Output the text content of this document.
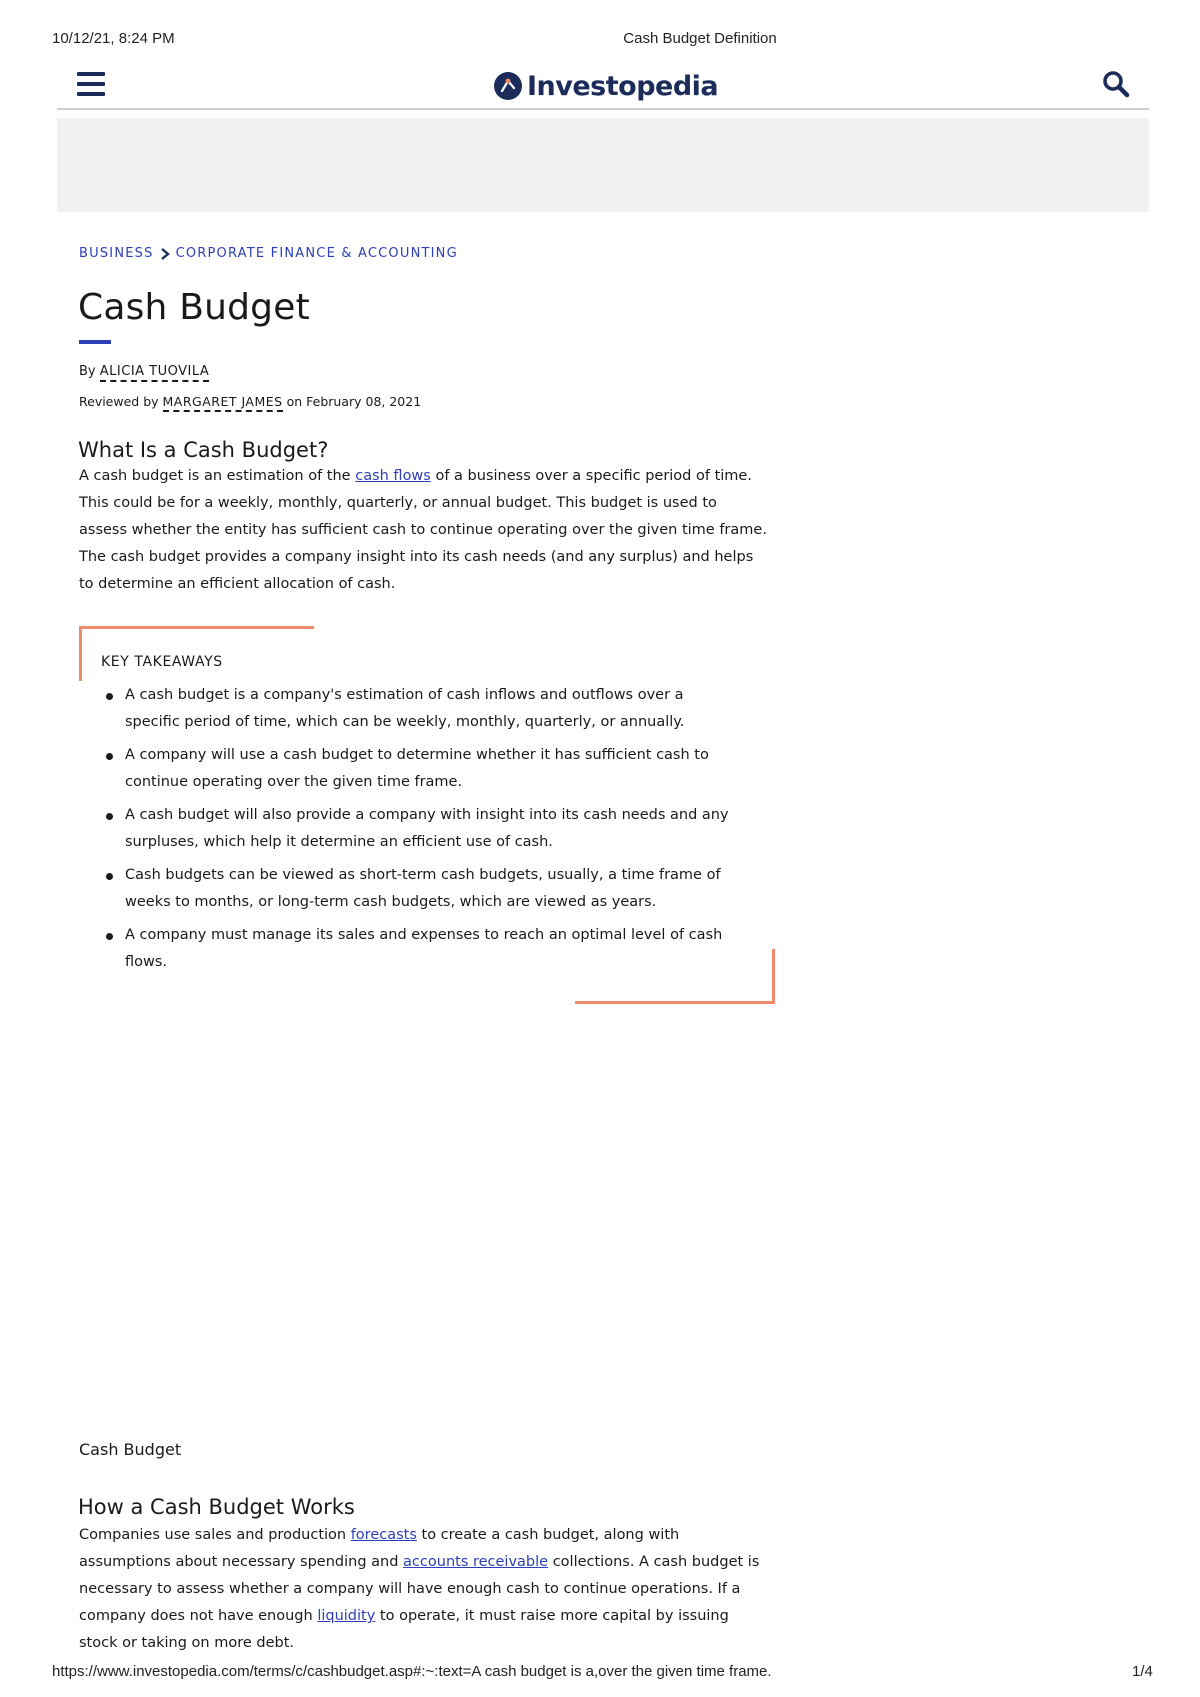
10/12/21, 8:24 PM	Cash Budget Definition
Investopedia
BUSINESS CORPORATE FINANCE & ACCOUNTING
Cash Budget
By ALICIA TUOVILA
Reviewed by MARGARET JAMES on February 08, 2021
What Is a Cash Budget?

A cash budget is an estimation of the cash flows of a business over a specific period of time. This could be for a weekly, monthly, quarterly, or annual budget. This budget is used to assess whether the entity has sufficient cash to continue operating over the given time frame. The cash budget provides a company insight into its cash needs (and any surplus) and helps to determine an efficient allocation of cash.

KEY TAKEAWAYS
A cash budget is a company's estimation of cash inflows and outflows over a specific period of time, which can be weekly, monthly, quarterly, or annually.
A company will use a cash budget to determine whether it has sufficient cash to continue operating over the given time frame.
A cash budget will also provide a company with insight into its cash needs and any surpluses, which help it determine an efficient use of cash.
Cash budgets can be viewed as short-term cash budgets, usually, a time frame of weeks to months, or long-term cash budgets, which are viewed as years.
A company must manage its sales and expenses to reach an optimal level of cash flows.
Cash Budget
How a Cash Budget Works

Companies use sales and production forecasts to create a cash budget, along with assumptions about necessary spending and accounts receivable collections. A cash budget is necessary to assess whether a company will have enough cash to continue operations. If a company does not have enough liquidity to operate, it must raise more capital by issuing stock or taking on more debt.

https://www.investopedia.com/terms/c/cashbudget.asp#:~:text=A cash budget is a,over the given time frame.	1/4
